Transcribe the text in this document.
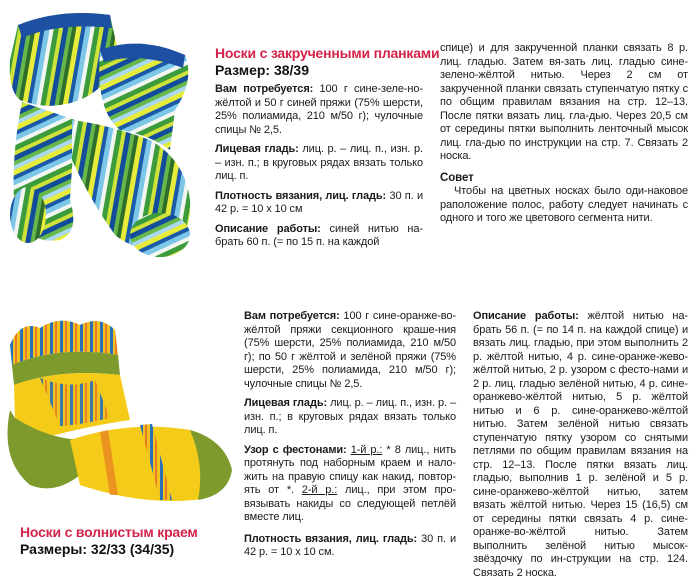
Носки с закрученными планками
Размер: 38/39

Вам потребуется: 100 г сине-зеле-но-жёлтой и 50 г синей пряжи (75% шерсти, 25% полиамида, 210 м/50 г); чулочные спицы № 2,5.

Лицевая гладь: лиц. р. – лиц. п., изн. р. – изн. п.; в круговых рядах вязать только лиц. п.

Плотность вязания, лиц. гладь: 30 п. и 42 р. = 10 х 10 см

Описание работы: синей нитью на-брать 60 п. (= по 15 п. на каждой

спице) и для закрученной планки связать 8 р. лиц. гладью. Затем вя-зать лиц. гладью сине-зелено-жёлтой нитью. Через 2 см от закрученной планки связать ступенчатую пятку с по общим правилам вязания на стр. 12–13. После пятки вязать лиц. гла-дью. Через 20,5 см от середины пятки выполнить ленточный мысок лиц. гла-дью по инструкции на стр. 7. Связать 2 носка.

Совет

Чтобы на цветных носках было оди-наковое раположение полос, работу следует начинать с одного и того же цветового сегмента нити.

Вам потребуется: 100 г сине-оранже-во-жёлтой пряжи секционного краше-ния (75% шерсти, 25% полиамида, 210 м/50 г); по 50 г жёлтой и зелёной пряжи (75% шерсти, 25% полиамида, 210 м/50 г); чулочные спицы № 2,5.

Лицевая гладь: лиц. р. – лиц. п., изн. р. – изн. п.; в круговых рядах вязать только лиц. п.

Узор с фестонами: 1-й р.: * 8 лиц., нить протянуть под наборным краем и нало-жить на правую спицу как накид, повтор-ять от *. 2-й р.: лиц., при этом про-вязывать накиды со следующей петлёй вместе лиц.

Плотность вязания, лиц. гладь: 30 п. и 42 р. = 10 х 10 см.

Описание работы: жёлтой нитью на-брать 56 п. (= по 14 п. на каждой спице) и вязать лиц. гладью, при этом выполнить 2 р. жёлтой нитью, 4 р. сине-оранже-жево-жёлтой нитью, 2 р. узором с фесто-нами и 2 р. лиц. гладью зелёной нитью, 4 р. сине-оранжево-жёлтой нитью, 5 р. жёлтой нитью и 6 р. сине-оранжево-жёлтой нитью. Затем зелёной нитью связать ступенчатую пятку узором со снятыми петлями по общим правилам вязания на стр. 12–13. После пятки вязать лиц. гладью, выполнив 1 р. зелёной и 5 р. сине-оранжево-жёлтой нитью, затем вязать жёлтой нитью. Через 15 (16,5) см от середины пятки связать 4 р. сине-оранже-во-жёлтой нитью. Затем выполнить зелёной нитью мысок-звёздочку по ин-струкции на стр. 124. Связать 2 носка.

Носки с волнистым краем
Размеры: 32/33 (34/35)
